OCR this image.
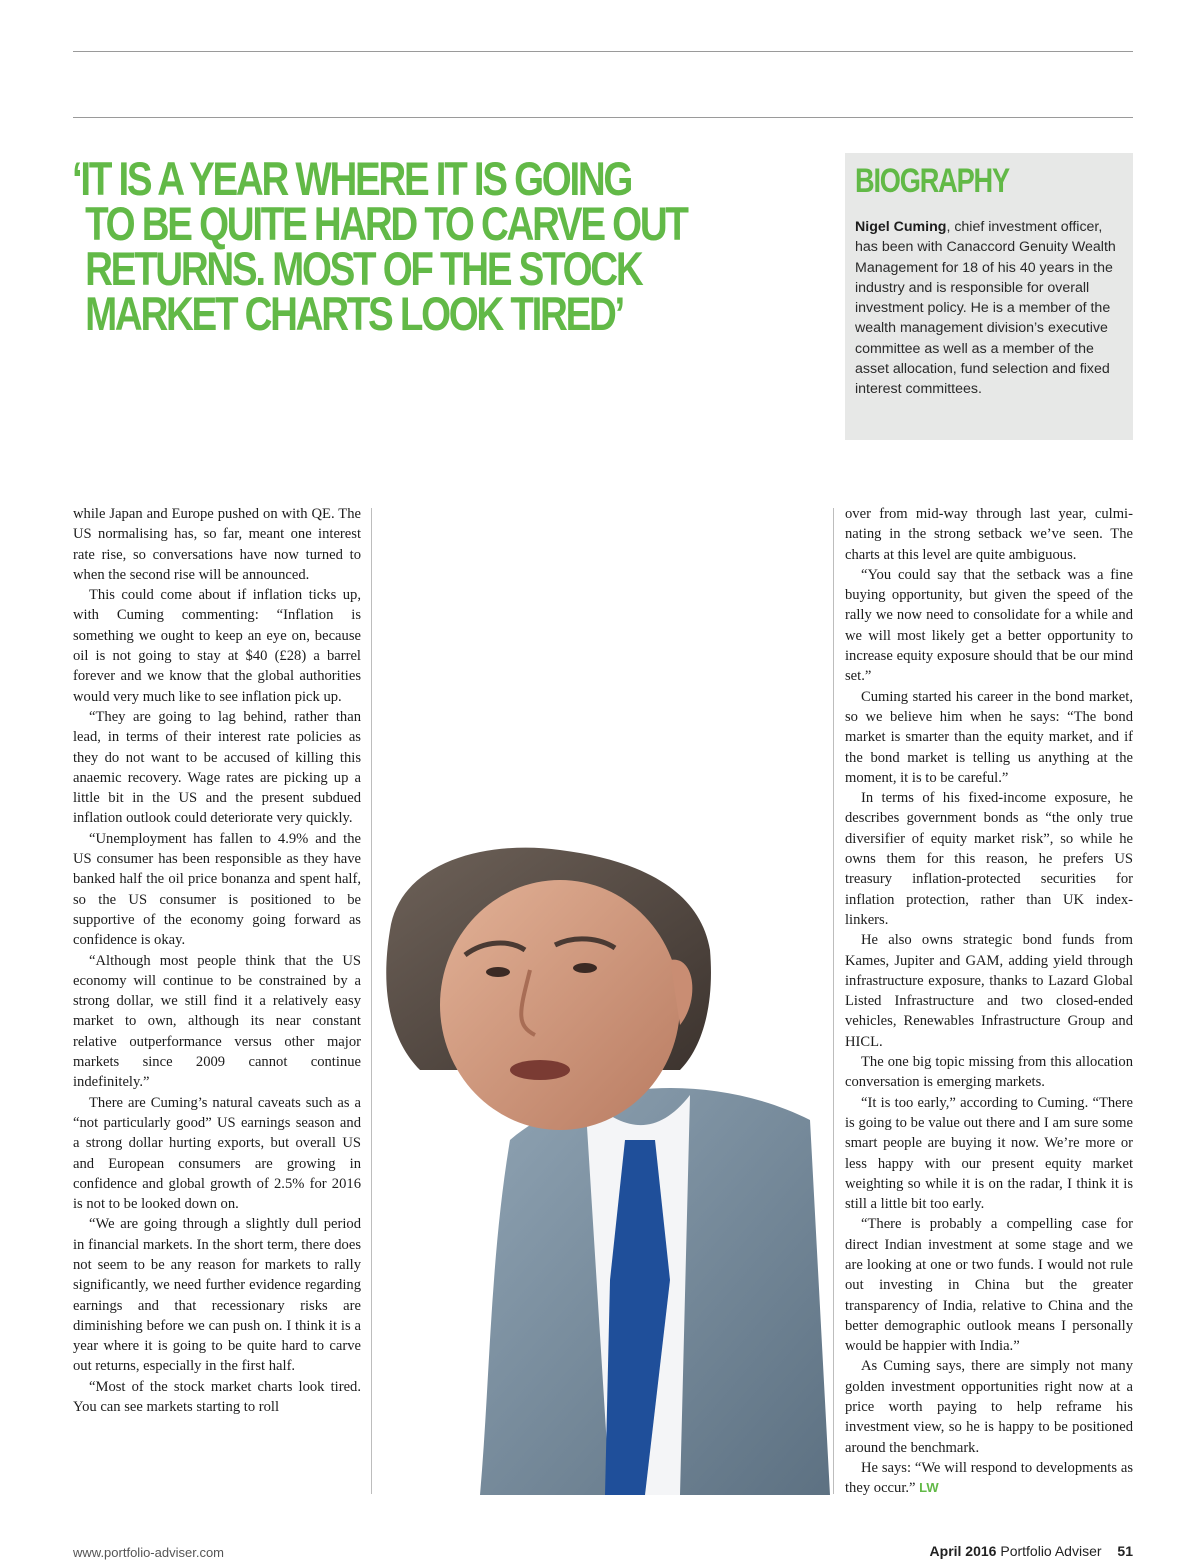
‘IT IS A YEAR WHERE IT IS GOING
TO BE QUITE HARD TO CARVE OUT
RETURNS. MOST OF THE STOCK
MARKET CHARTS LOOK TIRED’
BIOGRAPHY

Nigel Cuming, chief investment officer, has been with Canaccord Genuity Wealth Management for 18 of his 40 years in the industry and is responsible for overall investment policy. He is a member of the wealth management division’s executive committee as well as a member of the asset allocation, fund selection and fixed interest committees.

while Japan and Europe pushed on with QE. The US normalising has, so far, meant one interest rate rise, so conversations have now turned to when the second rise will be announced.

This could come about if inflation ticks up, with Cuming commenting: “Inflation is something we ought to keep an eye on, because oil is not going to stay at $40 (£28) a barrel forever and we know that the global authorities would very much like to see inflation pick up.

“They are going to lag behind, rather than lead, in terms of their interest rate policies as they do not want to be accused of killing this anaemic recovery. Wage rates are picking up a little bit in the US and the present subdued inflation outlook could deteriorate very quickly.

“Unemployment has fallen to 4.9% and the US consumer has been responsible as they have banked half the oil price bonanza and spent half, so the US consumer is positioned to be supportive of the economy going forward as confidence is okay.

“Although most people think that the US economy will continue to be constrained by a strong dollar, we still find it a relatively easy market to own, although its near constant relative outperformance versus other major markets since 2009 cannot continue indefinitely.”

There are Cuming’s natural caveats such as a “not particularly good” US earnings season and a strong dollar hurting exports, but overall US and European consumers are growing in confidence and global growth of 2.5% for 2016 is not to be looked down on.

“We are going through a slightly dull period in financial markets. In the short term, there does not seem to be any reason for markets to rally significantly, we need further evidence regarding earnings and that recessionary risks are diminishing before we can push on. I think it is a year where it is going to be quite hard to carve out returns, especially in the first half.

“Most of the stock market charts look tired. You can see markets starting to roll

over from mid-way through last year, culminating in the strong setback we’ve seen. The charts at this level are quite ambiguous.

“You could say that the setback was a fine buying opportunity, but given the speed of the rally we now need to consolidate for a while and we will most likely get a better opportunity to increase equity exposure should that be our mind set.”

Cuming started his career in the bond market, so we believe him when he says: “The bond market is smarter than the equity market, and if the bond market is telling us anything at the moment, it is to be careful.”

In terms of his fixed-income exposure, he describes government bonds as “the only true diversifier of equity market risk”, so while he owns them for this reason, he prefers US treasury inflation-protected securities for inflation protection, rather than UK index-linkers.

He also owns strategic bond funds from Kames, Jupiter and GAM, adding yield through infrastructure exposure, thanks to Lazard Global Listed Infrastructure and two closed-ended vehicles, Renewables Infrastructure Group and HICL.

The one big topic missing from this allocation conversation is emerging markets.

“It is too early,” according to Cuming. “There is going to be value out there and I am sure some smart people are buying it now. We’re more or less happy with our present equity market weighting so while it is on the radar, I think it is still a little bit too early.

“There is probably a compelling case for direct Indian investment at some stage and we are looking at one or two funds. I would not rule out investing in China but the greater transparency of India, relative to China and the better demographic outlook means I personally would be happier with India.”

As Cuming says, there are simply not many golden investment opportunities right now at a price worth paying to help reframe his investment view, so he is happy to be positioned around the benchmark.

He says: “We will respond to developments as they occur.” LW

www.portfolio-adviser.com	April 2016 Portfolio Adviser 51
